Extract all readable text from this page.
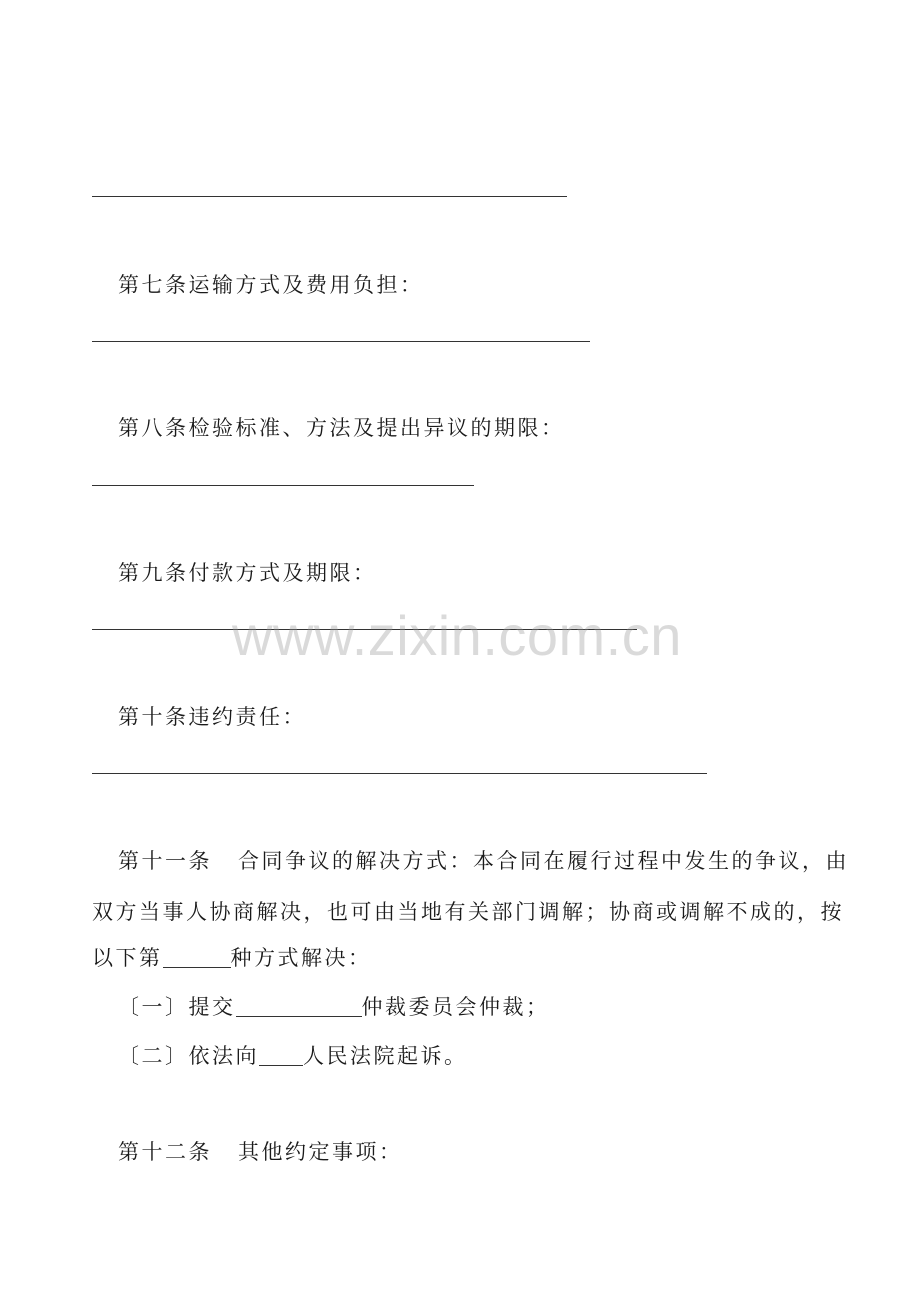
第七条运输方式及费用负担：
第八条检验标准、方法及提出异议的期限：
第九条付款方式及期限：
第十条违约责任：
第十一条 合同争议的解决方式：本合同在履行过程中发生的争议，由
双方当事人协商解决，也可由当地有关部门调解；协商或调解不成的，按
以下第	种方式解决：
〔一〕提交	仲裁委员会仲裁；
〔二〕依法向 人民法院起诉。
第十二条 其他约定事项：
www.zixin.com.cn
